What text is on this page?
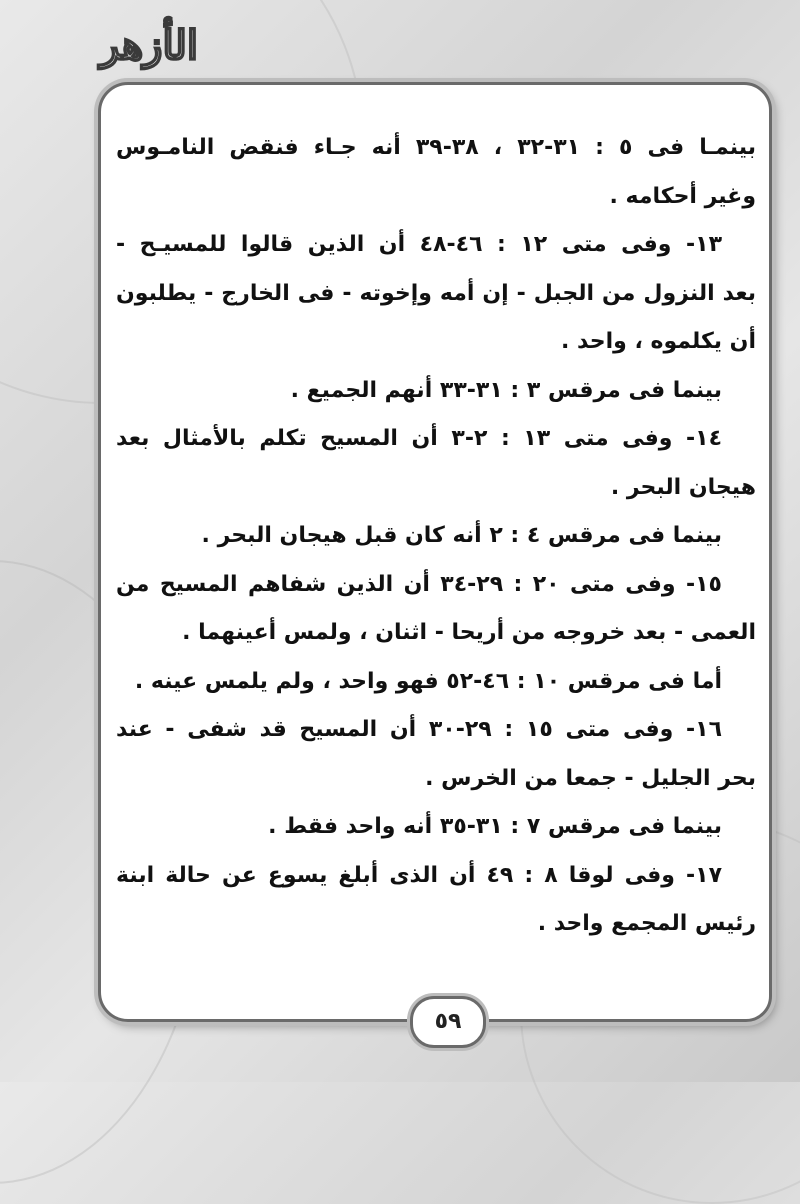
الأزهر
بينمـا فى ٥ : ٣١-٣٢ ، ٣٨-٣٩ أنه جـاء فنقض النامـوس
وغير أحكامه .
١٣- وفى متى ١٢ : ٤٦-٤٨ أن الذين قالوا للمسيـح -
بعد النزول من الجبل - إن أمه وإخوته - فى الخارج - يطلبون
أن يكلموه ، واحد .
بينما فى مرقس ٣ : ٣١-٣٣ أنهم الجميع .
١٤- وفى متى ١٣ : ٢-٣ أن المسيح تكلم بالأمثال بعد
هيجان البحر .
بينما فى مرقس ٤ : ٢ أنه كان قبل هيجان البحر .
١٥- وفى متى ٢٠ : ٢٩-٣٤ أن الذين شفاهم المسيح من
العمى - بعد خروجه من أريحا - اثنان ، ولمس أعينهما .
أما فى مرقس ١٠ : ٤٦-٥٢ فهو واحد ، ولم يلمس عينه .
١٦- وفى متى ١٥ : ٢٩-٣٠ أن المسيح قد شفى - عند
بحر الجليل - جمعا من الخرس .
بينما فى مرقس ٧ : ٣١-٣٥ أنه واحد فقط .
١٧- وفى لوقا ٨ : ٤٩ أن الذى أبلغ يسوع عن حالة ابنة
رئيس المجمع واحد .
٥٩
